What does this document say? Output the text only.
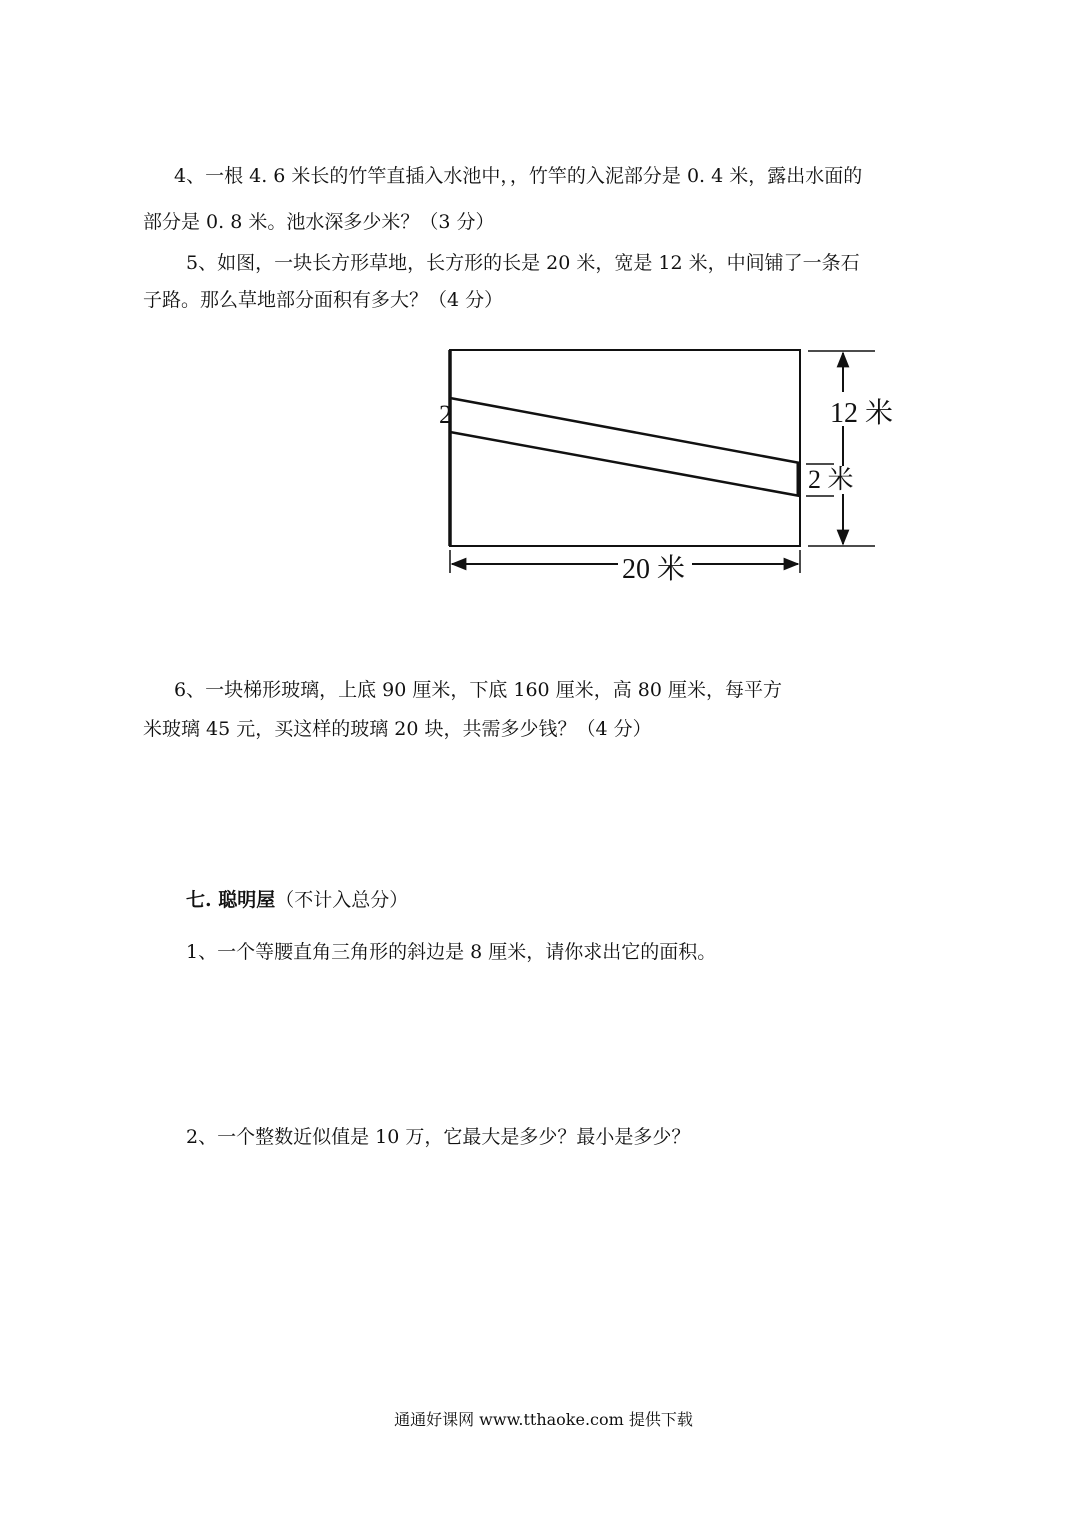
4、一根 4. 6 米长的竹竿直插入水池中，，竹竿的入泥部分是 0. 4 米，露出水面的
部分是 0. 8 米。池水深多少米？（3 分）
5、如图，一块长方形草地，长方形的长是 20 米，宽是 12 米，中间铺了一条石
子路。那么草地部分面积有多大？（4 分）
2	12 米
2 米
20 米
6、一块梯形玻璃，上底 90 厘米，下底 160 厘米，高 80 厘米，每平方
米玻璃 45 元，买这样的玻璃 20 块，共需多少钱？（4 分）
七. 聪明屋（不计入总分）
1、一个等腰直角三角形的斜边是 8 厘米，请你求出它的面积。
2、一个整数近似值是 10 万，它最大是多少？最小是多少？
通通好课网 www.tthaoke.com 提供下载
